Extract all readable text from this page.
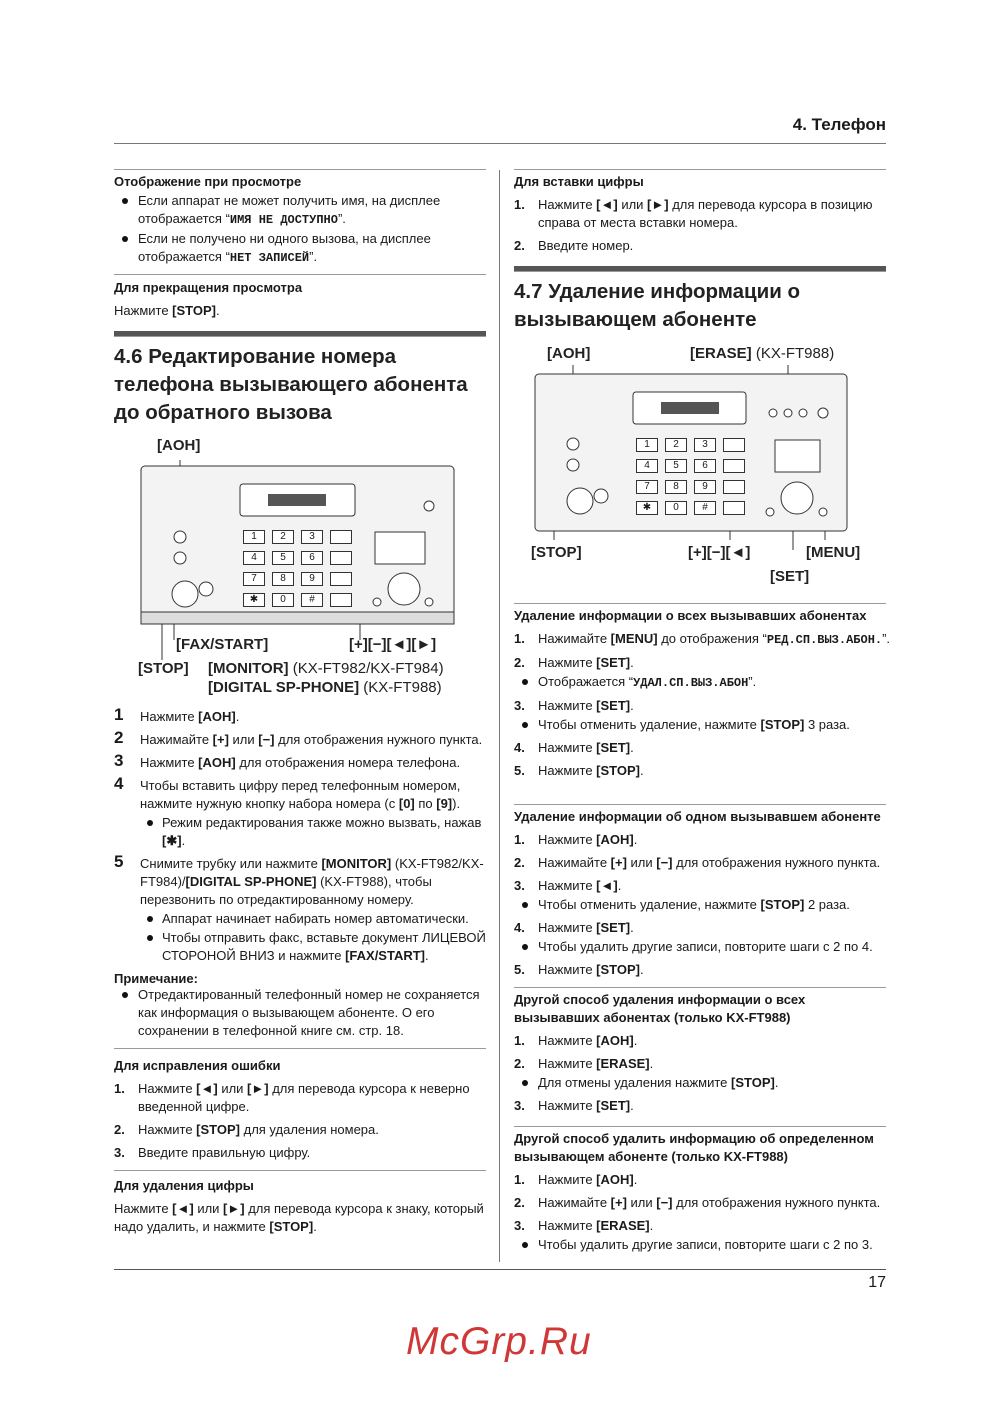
4. Телефон
Отображение при просмотре
Если аппарат не может получить имя, на дисплее отображается “ИМЯ НЕ ДОСТУПНО”.
Если не получено ни одного вызова, на дисплее отображается “НЕТ ЗАПИСЕЙ”.
Для прекращения просмотра
Нажмите [STOP].
4.6 Редактирование номера телефона вызывающего абонента до обратного вызова
1	2	3
4	5	6
7	8	9
✱	0	#
[AOH]
[FAX/START]	[+][−][◄][►]
[STOP] [MONITOR] (KX-FT982/KX-FT984)
[DIGITAL SP-PHONE] (KX-FT988)
1 Нажмите [AOH].
2 Нажимайте [+] или [−] для отображения нужного пункта.
3 Нажмите [AOH] для отображения номера телефона.
4 Чтобы вставить цифру перед телефонным номером, нажмите нужную кнопку набора номера (с [0] по [9]).
Режим редактирования также можно вызвать, нажав [✱].
5 Снимите трубку или нажмите [MONITOR] (KX-FT982/KX-FT984)/[DIGITAL SP-PHONE] (KX-FT988), чтобы перезвонить по отредактированному номеру.
Аппарат начинает набирать номер автоматически.
Чтобы отправить факс, вставьте документ ЛИЦЕВОЙ СТОРОНОЙ ВНИЗ и нажмите [FAX/START].
Примечание:
Отредактированный телефонный номер не сохраняется как информация о вызывающем абоненте. О его сохранении в телефонной книге см. стр. 18.
Для исправления ошибки
1. Нажмите [◄] или [►] для перевода курсора к неверно введенной цифре.
2. Нажмите [STOP] для удаления номера.
3. Введите правильную цифру.
Для удаления цифры
Нажмите [◄] или [►] для перевода курсора к знаку, который надо удалить, и нажмите [STOP].
Для вставки цифры
1. Нажмите [◄] или [►] для перевода курсора в позицию справа от места вставки номера.
2. Введите номер.
4.7 Удаление информации о вызывающем абоненте
1	2	3
4	5	6
7	8	9
✱	0	#
[AOH]	[ERASE] (KX-FT988)
[STOP]	[+][−][◄]	[MENU]
[SET]
Удаление информации о всех вызывавших абонентах
1. Нажимайте [MENU] до отображения “РЕД.СП.ВЫЗ.АБОН.”.
2. Нажмите [SET].
Отображается “УДАЛ.СП.ВЫЗ.АБОН”.
3. Нажмите [SET].
Чтобы отменить удаление, нажмите [STOP] 3 раза.
4. Нажмите [SET].
5. Нажмите [STOP].
Удаление информации об одном вызывавшем абоненте
1. Нажмите [AOH].
2. Нажимайте [+] или [−] для отображения нужного пункта.
3. Нажмите [◄].
Чтобы отменить удаление, нажмите [STOP] 2 раза.
4. Нажмите [SET].
Чтобы удалить другие записи, повторите шаги с 2 по 4.
5. Нажмите [STOP].
Другой способ удаления информации о всех вызывавших абонентах (только KX-FT988)
1. Нажмите [AOH].
2. Нажмите [ERASE].
Для отмены удаления нажмите [STOP].
3. Нажмите [SET].
Другой способ удалить информацию об определенном вызывающем абоненте (только KX-FT988)
1. Нажмите [AOH].
2. Нажимайте [+] или [−] для отображения нужного пункта.
3. Нажмите [ERASE].
Чтобы удалить другие записи, повторите шаги с 2 по 3.
17
McGrp.Ru
